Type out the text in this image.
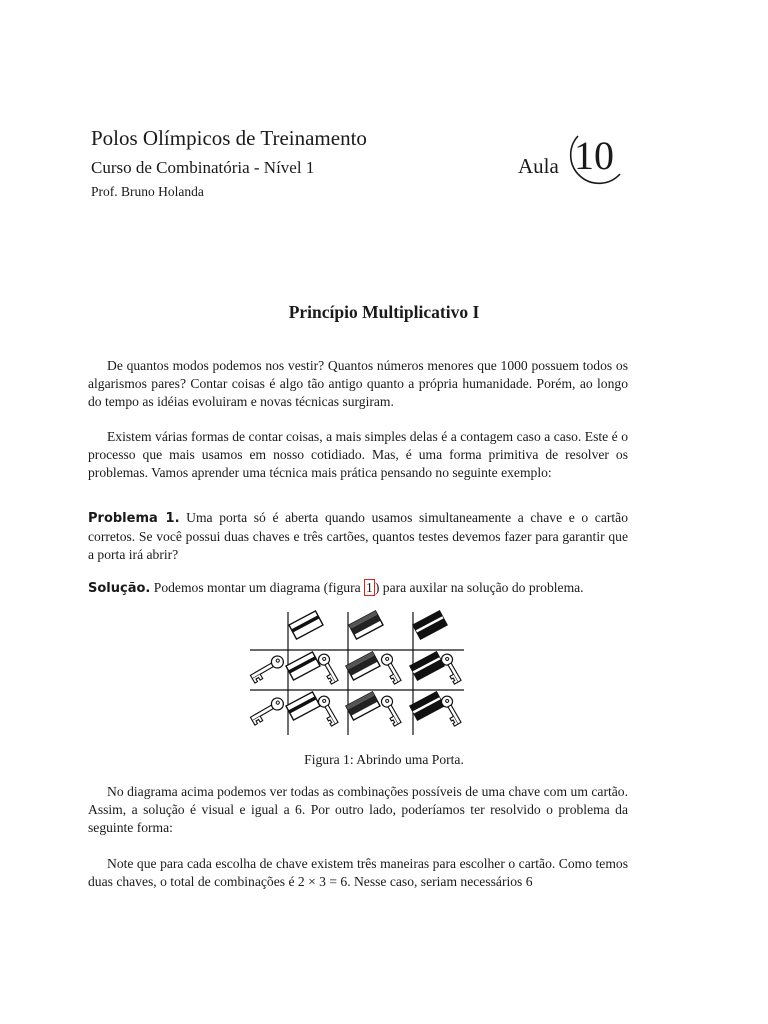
Polos Olímpicos de Treinamento
Curso de Combinatória - Nível 1
Prof. Bruno Holanda
Aula 10
Princípio Multiplicativo I
De quantos modos podemos nos vestir? Quantos números menores que 1000 possuem todos os algarismos pares? Contar coisas é algo tão antigo quanto a própria humanidade. Porém, ao longo do tempo as idéias evoluiram e novas técnicas surgiram.
Existem várias formas de contar coisas, a mais simples delas é a contagem caso a caso. Este é o processo que mais usamos em nosso cotidiado. Mas, é uma forma primitiva de resolver os problemas. Vamos aprender uma técnica mais prática pensando no seguinte exemplo:
Problema 1. Uma porta só é aberta quando usamos simultaneamente a chave e o cartão corretos. Se você possui duas chaves e três cartões, quantos testes devemos fazer para garantir que a porta irá abrir?
Solução. Podemos montar um diagrama (figura 1 ) para auxilar na solução do problema.
Figura 1: Abrindo uma Porta.
No diagrama acima podemos ver todas as combinações possíveis de uma chave com um cartão. Assim, a solução é visual e igual a 6. Por outro lado, poderíamos ter resolvido o problema da seguinte forma:
Note que para cada escolha de chave existem três maneiras para escolher o cartão. Como temos duas chaves, o total de combinações é 2 × 3 = 6. Nesse caso, seriam necessários 6
